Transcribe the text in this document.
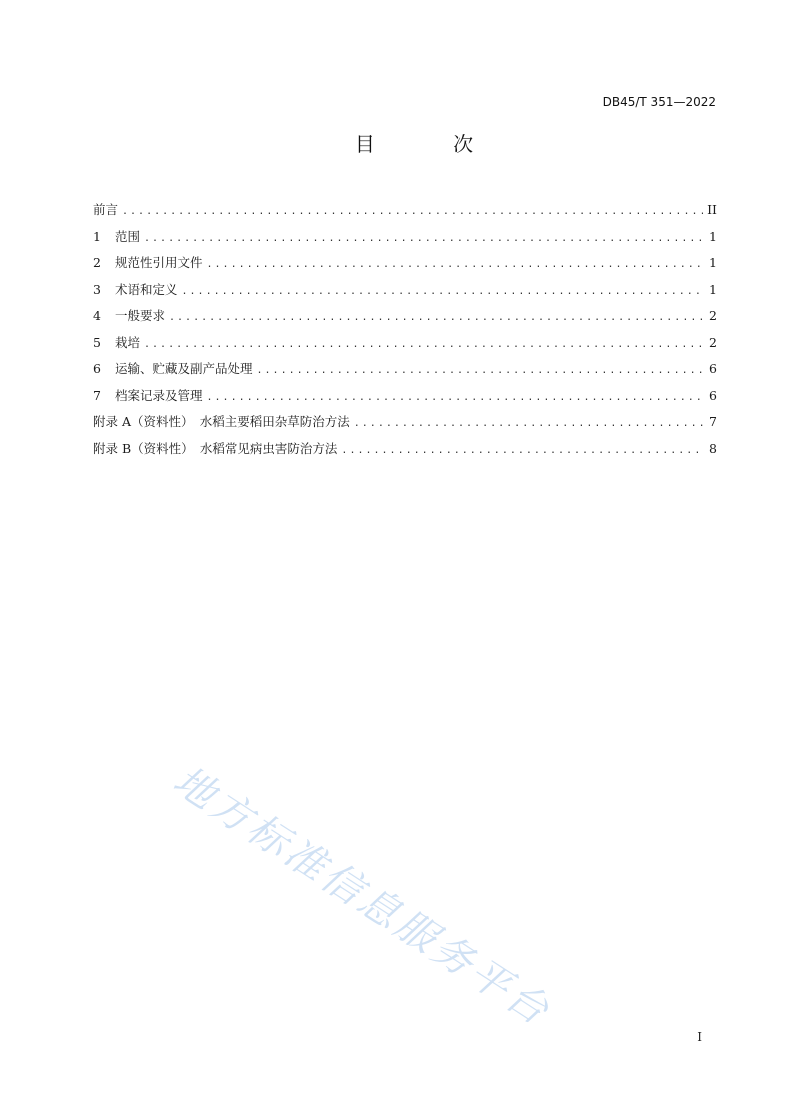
DB45/T 351—2022
目 次
前言 .....	II
1 范围 .....	1
2 规范性引用文件 .....	1
3 术语和定义 .....	1
4 一般要求 .....	2
5 栽培 .....	2
6 运输、贮藏及副产品处理 .....	6
7 档案记录及管理 .....	6
附录 A（资料性）　水稻主要稻田杂草防治方法 .....	7
附录 B（资料性）　水稻常见病虫害防治方法 .....	8
地方标准信息服务平台
I
